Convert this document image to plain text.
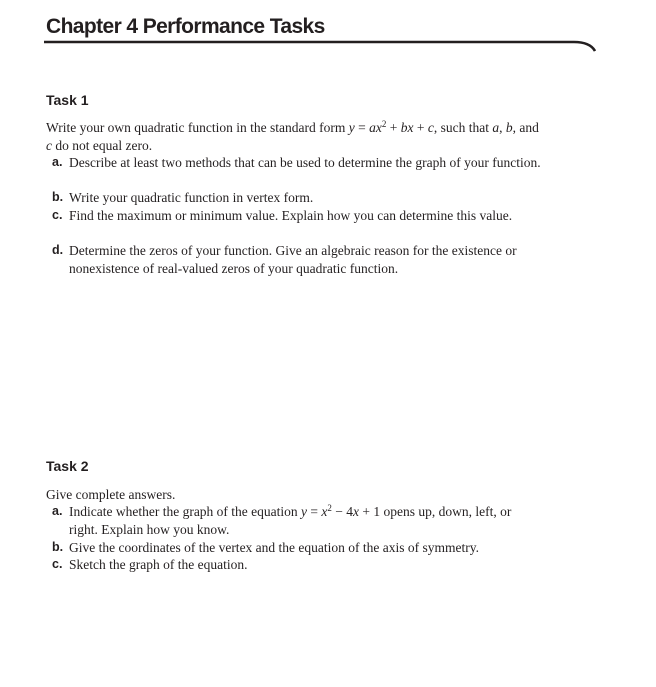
Chapter 4 Performance Tasks
Task 1
Write your own quadratic function in the standard form $y = ax^2$ + bx + c, such that a, b, and c do not equal zero.
a. Describe at least two methods that can be used to determine the graph of your function.
b. Write your quadratic function in vertex form.
c. Find the maximum or minimum value. Explain how you can determine this value.
d. Determine the zeros of your function. Give an algebraic reason for the existence or nonexistence of real-valued zeros of your quadratic function.
Task 2
Give complete answers.
a. Indicate whether the graph of the equation $y = x^2 - 4x + 1$ opens up, down, left, or right. Explain how you know.
b. Give the coordinates of the vertex and the equation of the axis of symmetry.
c. Sketch the graph of the equation.
